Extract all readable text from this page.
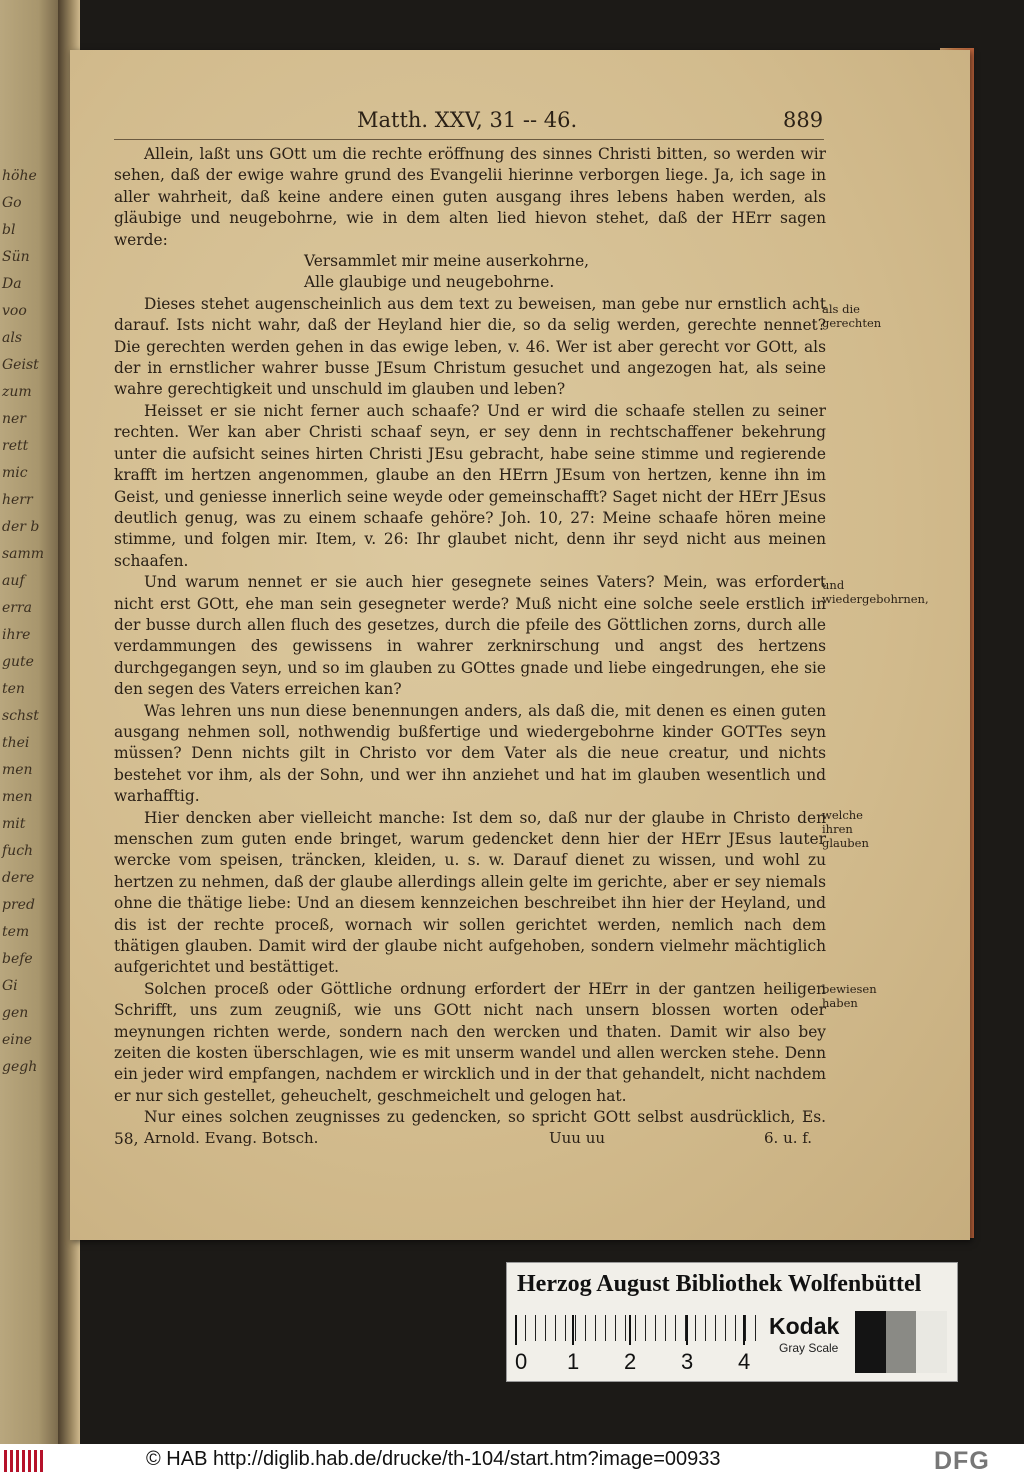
höhe
Go
bl
Sün
Da
voo
als
Geist
zum
ner
rett
mic
herr
der b
samm
auf
erra
ihre
gute
ten
schst
thei
men
men
mit
fuch
dere
pred
tem
befe
Gi
gen
eine
gegh
Matth. XXV, 31 -- 46.	889

Allein, laßt uns GOtt um die rechte eröffnung des sinnes Christi bitten, so werden wir sehen, daß der ewige wahre grund des Evangelii hierinne verborgen liege. Ja, ich sage in aller wahrheit, daß keine andere einen guten ausgang ihres lebens haben werden, als gläubige und neugebohrne, wie in dem alten lied hievon stehet, daß der HErr sagen werde:

Versammlet mir meine auserkohrne,

Alle glaubige und neugebohrne.

Dieses stehet augenscheinlich aus dem text zu beweisen, man gebe nur ernstlich acht darauf. Ists nicht wahr, daß der Heyland hier die, so da selig werden, gerechte nennet? Die gerechten werden gehen in das ewige leben, v. 46. Wer ist aber gerecht vor GOtt, als der in ernstlicher wahrer busse JEsum Christum gesuchet und angezogen hat, als seine wahre gerechtigkeit und unschuld im glauben und leben?

Heisset er sie nicht ferner auch schaafe? Und er wird die schaafe stellen zu seiner rechten. Wer kan aber Christi schaaf seyn, er sey denn in rechtschaffener bekehrung unter die aufsicht seines hirten Christi JEsu gebracht, habe seine stimme und regierende krafft im hertzen angenommen, glaube an den HErrn JEsum von hertzen, kenne ihn im Geist, und geniesse innerlich seine weyde oder gemeinschafft? Saget nicht der HErr JEsus deutlich genug, was zu einem schaafe gehöre? Joh. 10, 27: Meine schaafe hören meine stimme, und folgen mir. Item, v. 26: Ihr glaubet nicht, denn ihr seyd nicht aus meinen schaafen.

Und warum nennet er sie auch hier gesegnete seines Vaters? Mein, was erfordert nicht erst GOtt, ehe man sein gesegneter werde? Muß nicht eine solche seele erstlich in der busse durch allen fluch des gesetzes, durch die pfeile des Göttlichen zorns, durch alle verdammungen des gewissens in wahrer zerknirschung und angst des hertzens durchgegangen seyn, und so im glauben zu GOttes gnade und liebe eingedrungen, ehe sie den segen des Vaters erreichen kan?

Was lehren uns nun diese benennungen anders, als daß die, mit denen es einen guten ausgang nehmen soll, nothwendig bußfertige und wiedergebohrne kinder GOTTes seyn müssen? Denn nichts gilt in Christo vor dem Vater als die neue creatur, und nichts bestehet vor ihm, als der Sohn, und wer ihn anziehet und hat im glauben wesentlich und warhafftig.

Hier dencken aber vielleicht manche: Ist dem so, daß nur der glaube in Christo den menschen zum guten ende bringet, warum gedencket denn hier der HErr JEsus lauter wercke vom speisen, träncken, kleiden, u. s. w. Darauf dienet zu wissen, und wohl zu hertzen zu nehmen, daß der glaube allerdings allein gelte im gerichte, aber er sey niemals ohne die thätige liebe: Und an diesem kennzeichen beschreibet ihn hier der Heyland, und dis ist der rechte proceß, wornach wir sollen gerichtet werden, nemlich nach dem thätigen glauben. Damit wird der glaube nicht aufgehoben, sondern vielmehr mächtiglich aufgerichtet und bestättiget.

Solchen proceß oder Göttliche ordnung erfordert der HErr in der gantzen heiligen Schrifft, uns zum zeugniß, wie uns GOtt nicht nach unsern blossen worten oder meynungen richten werde, sondern nach den wercken und thaten. Damit wir also bey zeiten die kosten überschlagen, wie es mit unserm wandel und allen wercken stehe. Denn ein jeder wird empfangen, nachdem er wircklich und in der that gehandelt, nicht nachdem er nur sich gestellet, geheuchelt, geschmeichelt und gelogen hat.

Nur eines solchen zeugnisses zu gedencken, so spricht GOtt selbst ausdrücklich, Es. 58,

als die gerechten
und wiedergebohrnen,
welche ihren glauben
bewiesen haben
Arnold. Evang. Botsch.	Uuu uu	6. u. f.
Herzog August Bibliothek Wolfenbüttel
0 1 2 3 4
Kodak
Gray Scale
© HAB http://diglib.hab.de/drucke/th-104/start.htm?image=00933	DFG
